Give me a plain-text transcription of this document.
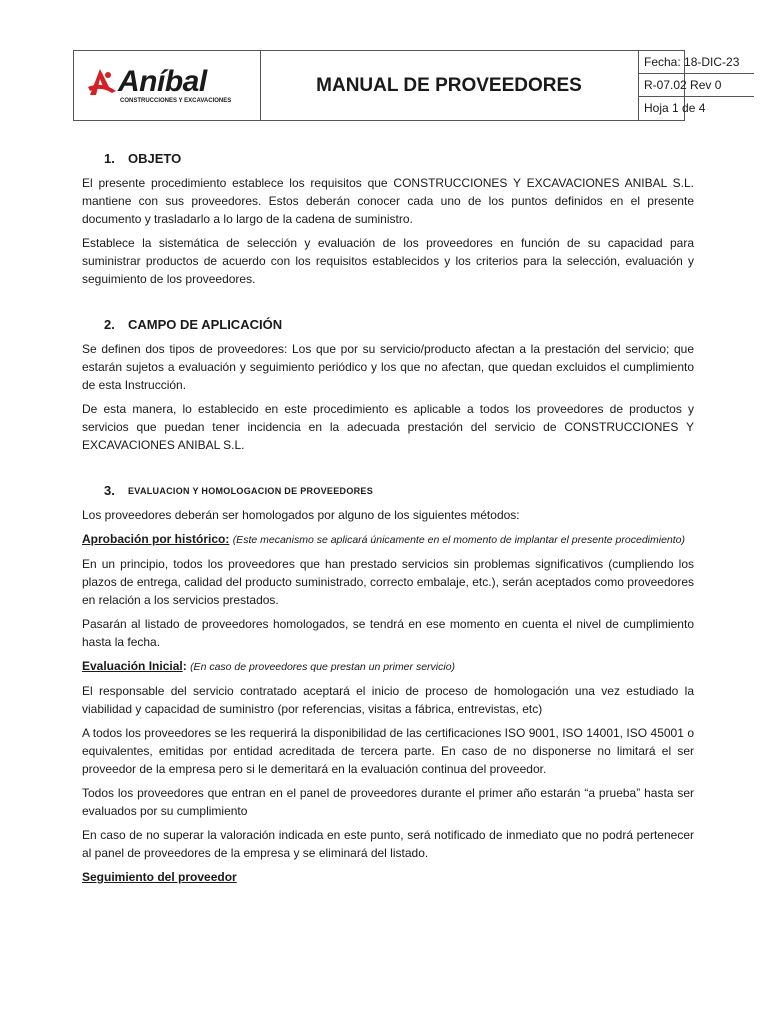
Aníbal
CONSTRUCCIONES Y EXCAVACIONES
MANUAL DE PROVEEDORES
Fecha: 18-DIC-23
R-07.02 Rev 0
Hoja 1 de 4
1.	OBJETO

El presente procedimiento establece los requisitos que CONSTRUCCIONES Y EXCAVACIONES ANIBAL S.L. mantiene con sus proveedores. Estos deberán conocer cada uno de los puntos definidos en el presente documento y trasladarlo a lo largo de la cadena de suministro.

Establece la sistemática de selección y evaluación de los proveedores en función de su capacidad para suministrar productos de acuerdo con los requisitos establecidos y los criterios para la selección, evaluación y seguimiento de los proveedores.

2.	CAMPO DE APLICACIÓN

Se definen dos tipos de proveedores: Los que por su servicio/producto afectan a la prestación del servicio; que estarán sujetos a evaluación y seguimiento periódico y los que no afectan, que quedan excluidos el cumplimiento de esta Instrucción.

De esta manera, lo establecido en este procedimiento es aplicable a todos los proveedores de productos y servicios que puedan tener incidencia en la adecuada prestación del servicio de CONSTRUCCIONES Y EXCAVACIONES ANIBAL S.L.

3.	EVALUACION Y HOMOLOGACION DE PROVEEDORES

Los proveedores deberán ser homologados por alguno de los siguientes métodos:

Aprobación por histórico: (Este mecanismo se aplicará únicamente en el momento de implantar el presente procedimiento)

En un principio, todos los proveedores que han prestado servicios sin problemas significativos (cumpliendo los plazos de entrega, calidad del producto suministrado, correcto embalaje, etc.), serán aceptados como proveedores en relación a los servicios prestados.

Pasarán al listado de proveedores homologados, se tendrá en ese momento en cuenta el nivel de cumplimiento hasta la fecha.

Evaluación Inicial: (En caso de proveedores que prestan un primer servicio)

El responsable del servicio contratado aceptará el inicio de proceso de homologación una vez estudiado la viabilidad y capacidad de suministro (por referencias, visitas a fábrica, entrevistas, etc)

A todos los proveedores se les requerirá la disponibilidad de las certificaciones ISO 9001, ISO 14001, ISO 45001 o equivalentes, emitidas por entidad acreditada de tercera parte. En caso de no disponerse no limitará el ser proveedor de la empresa pero si le demeritará en la evaluación continua del proveedor.

Todos los proveedores que entran en el panel de proveedores durante el primer año estarán “a prueba” hasta ser evaluados por su cumplimiento

En caso de no superar la valoración indicada en este punto, será notificado de inmediato que no podrá pertenecer al panel de proveedores de la empresa y se eliminará del listado.

Seguimiento del proveedor
